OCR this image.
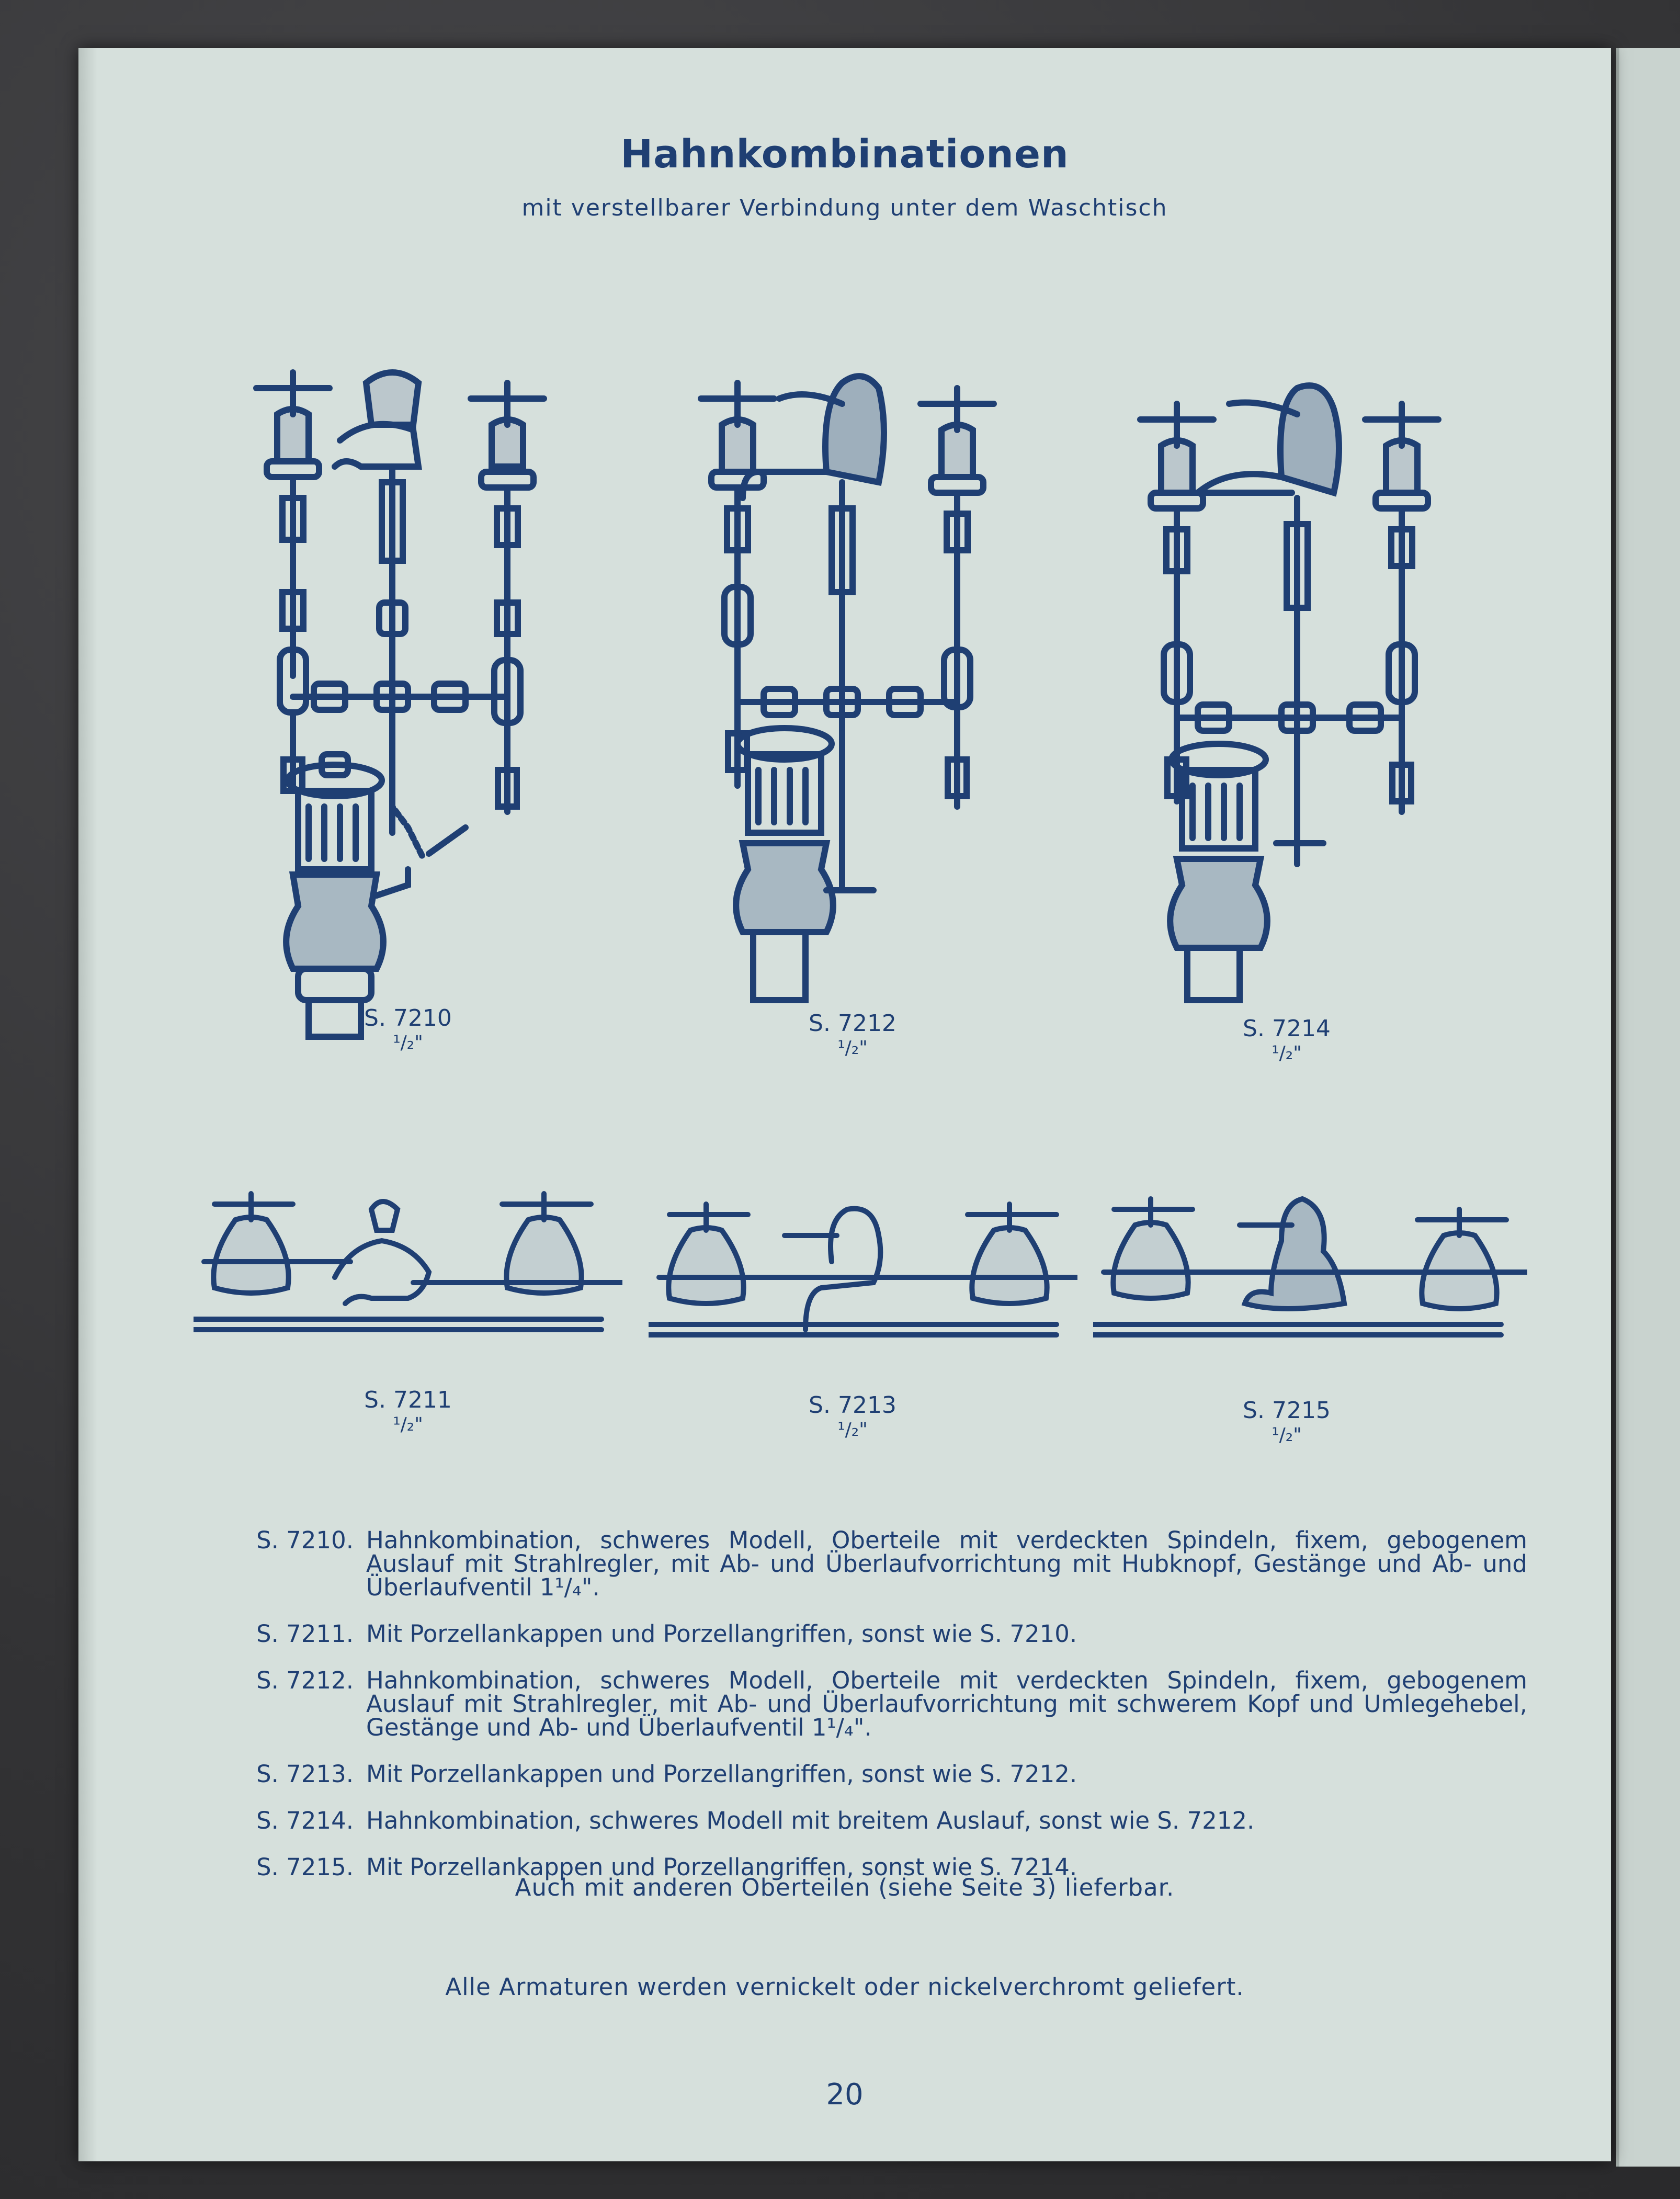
Hahnkombinationen
mit verstellbarer Verbindung unter dem Waschtisch
S. 7210
¹/₂"
S. 7212
¹/₂"
S. 7214
¹/₂"
S. 7211
¹/₂"
S. 7213
¹/₂"
S. 7215
¹/₂"
S. 7210. Hahnkombination, schweres Modell, Oberteile mit verdeckten Spindeln, fixem, gebogenem Auslauf mit Strahlregler, mit Ab- und Überlaufvorrichtung mit Hubknopf, Gestänge und Ab- und Überlaufventil 1¹/₄".
S. 7211. Mit Porzellankappen und Porzellangriffen, sonst wie S. 7210.
S. 7212. Hahnkombination, schweres Modell, Oberteile mit verdeckten Spindeln, fixem, gebogenem Auslauf mit Strahlregler, mit Ab- und Überlaufvorrichtung mit schwerem Kopf und Umlegehebel, Gestänge und Ab- und Überlaufventil 1¹/₄".
S. 7213. Mit Porzellankappen und Porzellangriffen, sonst wie S. 7212.
S. 7214. Hahnkombination, schweres Modell mit breitem Auslauf, sonst wie S. 7212.
S. 7215. Mit Porzellankappen und Porzellangriffen, sonst wie S. 7214.
Auch mit anderen Oberteilen (siehe Seite 3) lieferbar.
Alle Armaturen werden vernickelt oder nickelverchromt geliefert.
20
